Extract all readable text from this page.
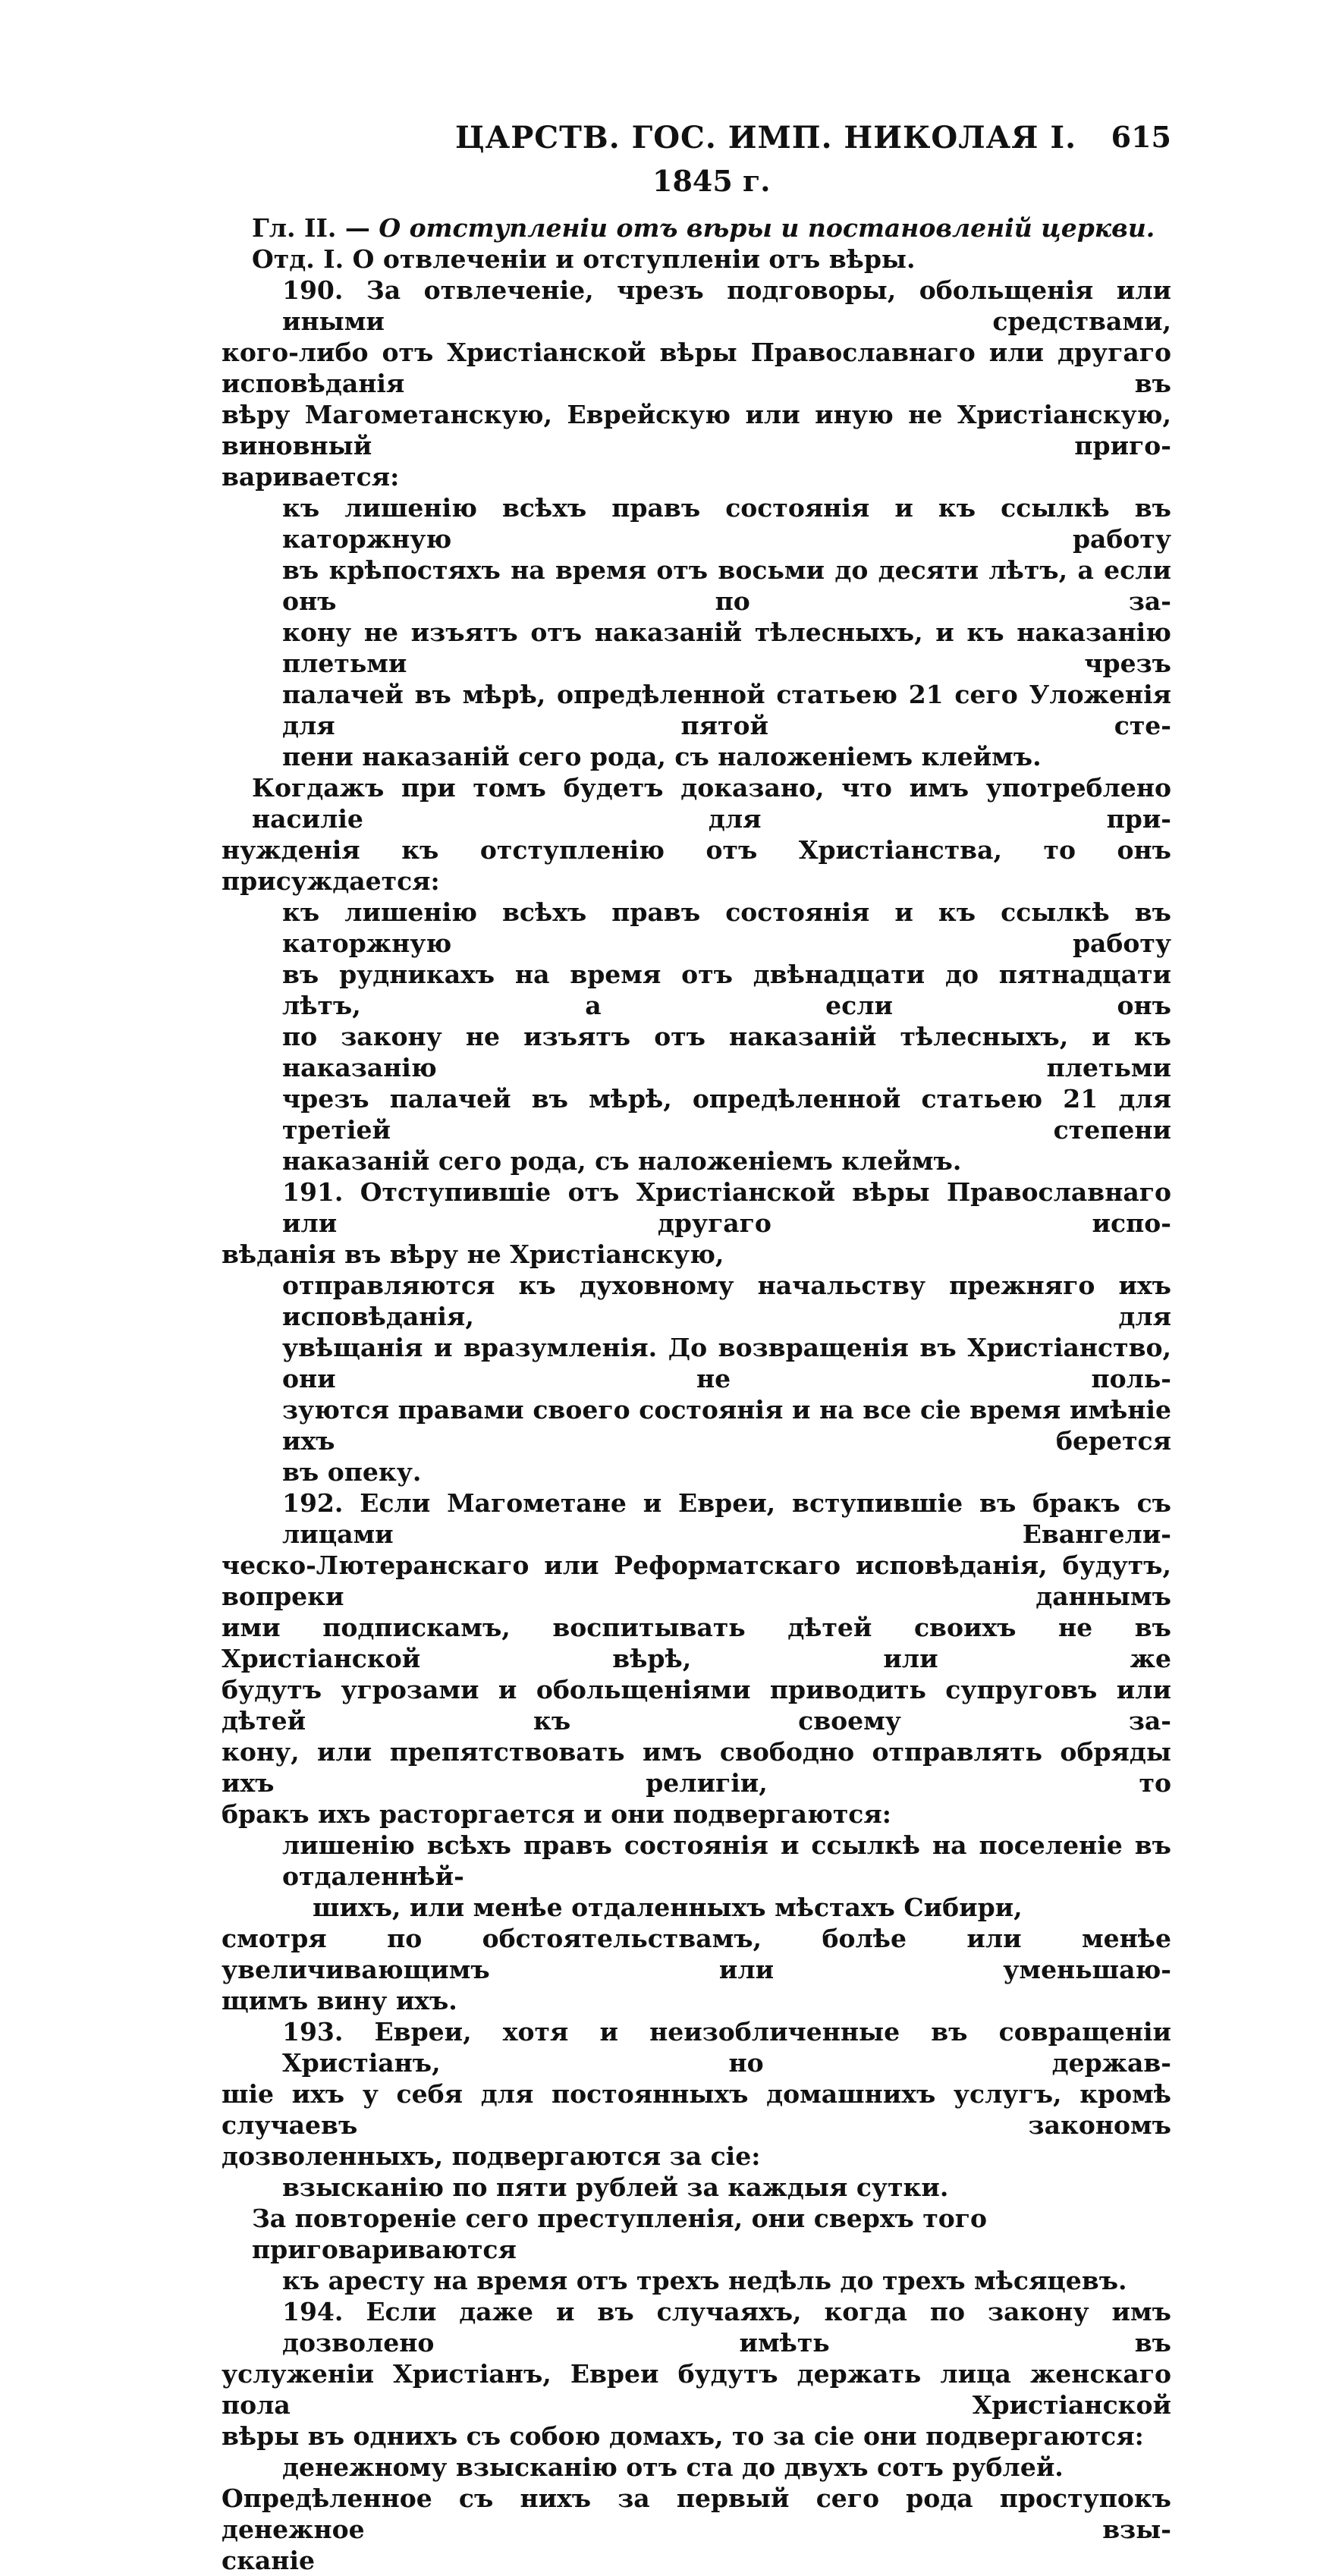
ЦАРСТВ. ГОС. ИМП. НИКОЛАЯ I. 615
1845 г.

Гл. II. — О отступленіи отъ вѣры и постановленій церкви.

Отд. I. О отвлеченіи и отступленіи отъ вѣры.

190. За отвлеченіе, чрезъ подговоры, обольщенія или иными средствами,

кого-либо отъ Христіанской вѣры Православнаго или другаго исповѣданія въ

вѣру Магометанскую, Еврейскую или иную не Христіанскую, виновный приго-

варивается:

къ лишенію всѣхъ правъ состоянія и къ ссылкѣ въ каторжную работу

въ крѣпостяхъ на время отъ восьми до десяти лѣтъ, а если онъ по за-

кону не изъятъ отъ наказаній тѣлесныхъ, и къ наказанію плетьми чрезъ

палачей въ мѣрѣ, опредѣленной статьею 21 сего Уложенія для пятой сте-

пени наказаній сего рода, съ наложеніемъ клеймъ.

Когдажъ при томъ будетъ доказано, что имъ употреблено насиліе для при-

нужденія къ отступленію отъ Христіанства, то онъ присуждается:

къ лишенію всѣхъ правъ состоянія и къ ссылкѣ въ каторжную работу

въ рудникахъ на время отъ двѣнадцати до пятнадцати лѣтъ, а если онъ

по закону не изъятъ отъ наказаній тѣлесныхъ, и къ наказанію плетьми

чрезъ палачей въ мѣрѣ, опредѣленной статьею 21 для третіей степени

наказаній сего рода, съ наложеніемъ клеймъ.

191. Отступившіе отъ Христіанской вѣры Православнаго или другаго испо-

вѣданія въ вѣру не Христіанскую,

отправляются къ духовному начальству прежняго ихъ исповѣданія, для

увѣщанія и вразумленія. До возвращенія въ Христіанство, они не поль-

зуются правами своего состоянія и на все сіе время имѣніе ихъ берется

въ опеку.

192. Если Магометане и Евреи, вступившіе въ бракъ съ лицами Евангели-

ческо-Лютеранскаго или Реформатскаго исповѣданія, будутъ, вопреки даннымъ

ими подпискамъ, воспитывать дѣтей своихъ не въ Христіанской вѣрѣ, или же

будутъ угрозами и обольщеніями приводить супруговъ или дѣтей къ своему за-

кону, или препятствовать имъ свободно отправлять обряды ихъ религіи, то

бракъ ихъ расторгается и они подвергаются:

лишенію всѣхъ правъ состоянія и ссылкѣ на поселеніе въ отдаленнѣй-

шихъ, или менѣе отдаленныхъ мѣстахъ Сибири,

смотря по обстоятельствамъ, болѣе или менѣе увеличивающимъ или уменьшаю-

щимъ вину ихъ.

193. Евреи, хотя и неизобличенные въ совращеніи Христіанъ, но держав-

шіе ихъ у себя для постоянныхъ домашнихъ услугъ, кромѣ случаевъ закономъ

дозволенныхъ, подвергаются за сіе:

взысканію по пяти рублей за каждыя сутки.

За повтореніе сего преступленія, они сверхъ того приговариваются

къ аресту на время отъ трехъ недѣль до трехъ мѣсяцевъ.

194. Если даже и въ случаяхъ, когда по закону имъ дозволено имѣть въ

услуженіи Христіанъ, Евреи будутъ держать лица женскаго пола Христіанской

вѣры въ однихъ съ собою домахъ, то за сіе они подвергаются:

денежному взысканію отъ ста до двухъ сотъ рублей.

Опредѣленное съ нихъ за первый сего рода проступокъ денежное взы-

сканіе
